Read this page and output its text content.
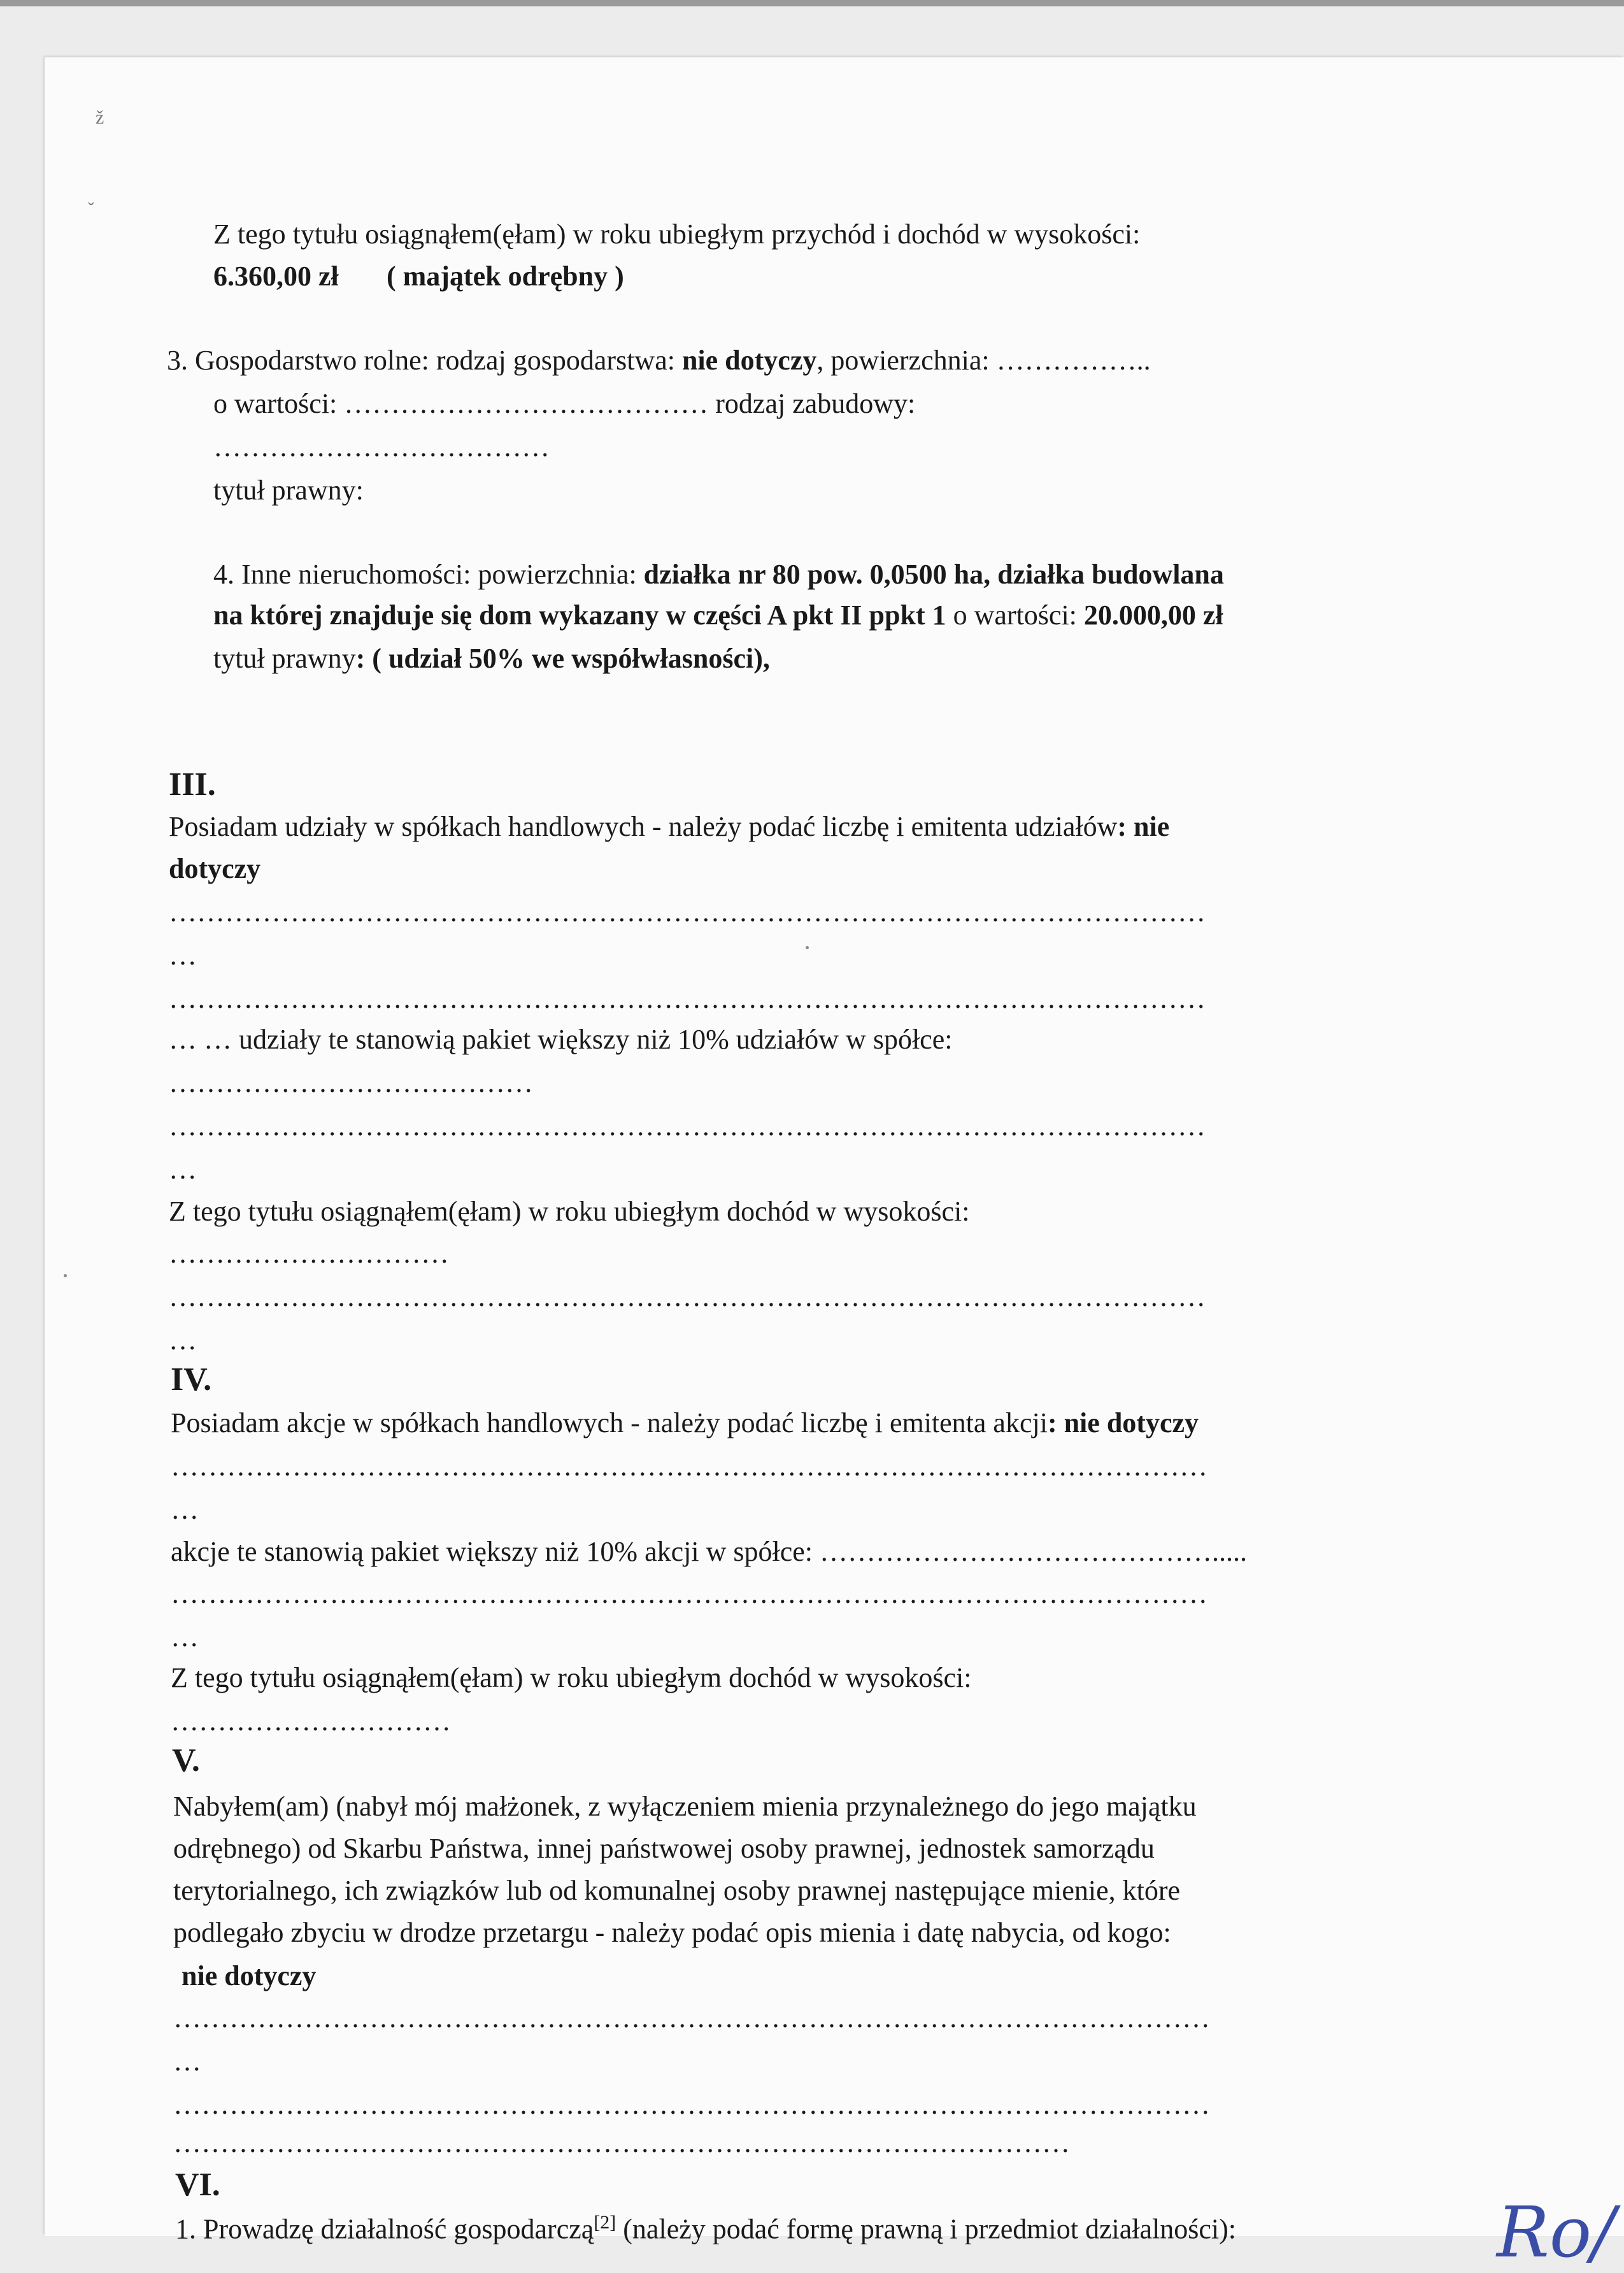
ž
ˇ
Z tego tytułu osiągnąłem(ęłam) w roku ubiegłym przychód i dochód w wysokości:
6.360,00 zł ( majątek odrębny )
3. Gospodarstwo rolne: rodzaj gospodarstwa: nie dotyczy, powierzchnia: ……………..
o wartości: ………………………………… rodzaj zabudowy:
………………………………
tytuł prawny:
4. Inne nieruchomości: powierzchnia: działka nr 80 pow. 0,0500 ha, działka budowlana
na której znajduje się dom wykazany w części A pkt II ppkt 1 o wartości: 20.000,00 zł
tytuł prawny: ( udział 50% we współwłasności),
III.
Posiadam udziały w spółkach handlowych - należy podać liczbę i emitenta udziałów: nie
dotyczy
…………………………………………………………………………………………………
…
…………………………………………………………………………………………………
… … udziały te stanowią pakiet większy niż 10% udziałów w spółce:
…………………………………
…………………………………………………………………………………………………
…
Z tego tytułu osiągnąłem(ęłam) w roku ubiegłym dochód w wysokości:
…………………………
…………………………………………………………………………………………………
…
IV.
Posiadam akcje w spółkach handlowych - należy podać liczbę i emitenta akcji: nie dotyczy
…………………………………………………………………………………………………
…
akcje te stanowią pakiet większy niż 10% akcji w spółce: …………………………………….....
…………………………………………………………………………………………………
…
Z tego tytułu osiągnąłem(ęłam) w roku ubiegłym dochód w wysokości:
…………………………
V.
Nabyłem(am) (nabył mój małżonek, z wyłączeniem mienia przynależnego do jego majątku
odrębnego) od Skarbu Państwa, innej państwowej osoby prawnej, jednostek samorządu
terytorialnego, ich związków lub od komunalnej osoby prawnej następujące mienie, które
podlegało zbyciu w drodze przetargu - należy podać opis mienia i datę nabycia, od kogo:
nie dotyczy
…………………………………………………………………………………………………
…
…………………………………………………………………………………………………
……………………………………………………………………………………
VI.
1. Prowadzę działalność gospodarczą[2] (należy podać formę prawną i przedmiot działalności):	Ro/
